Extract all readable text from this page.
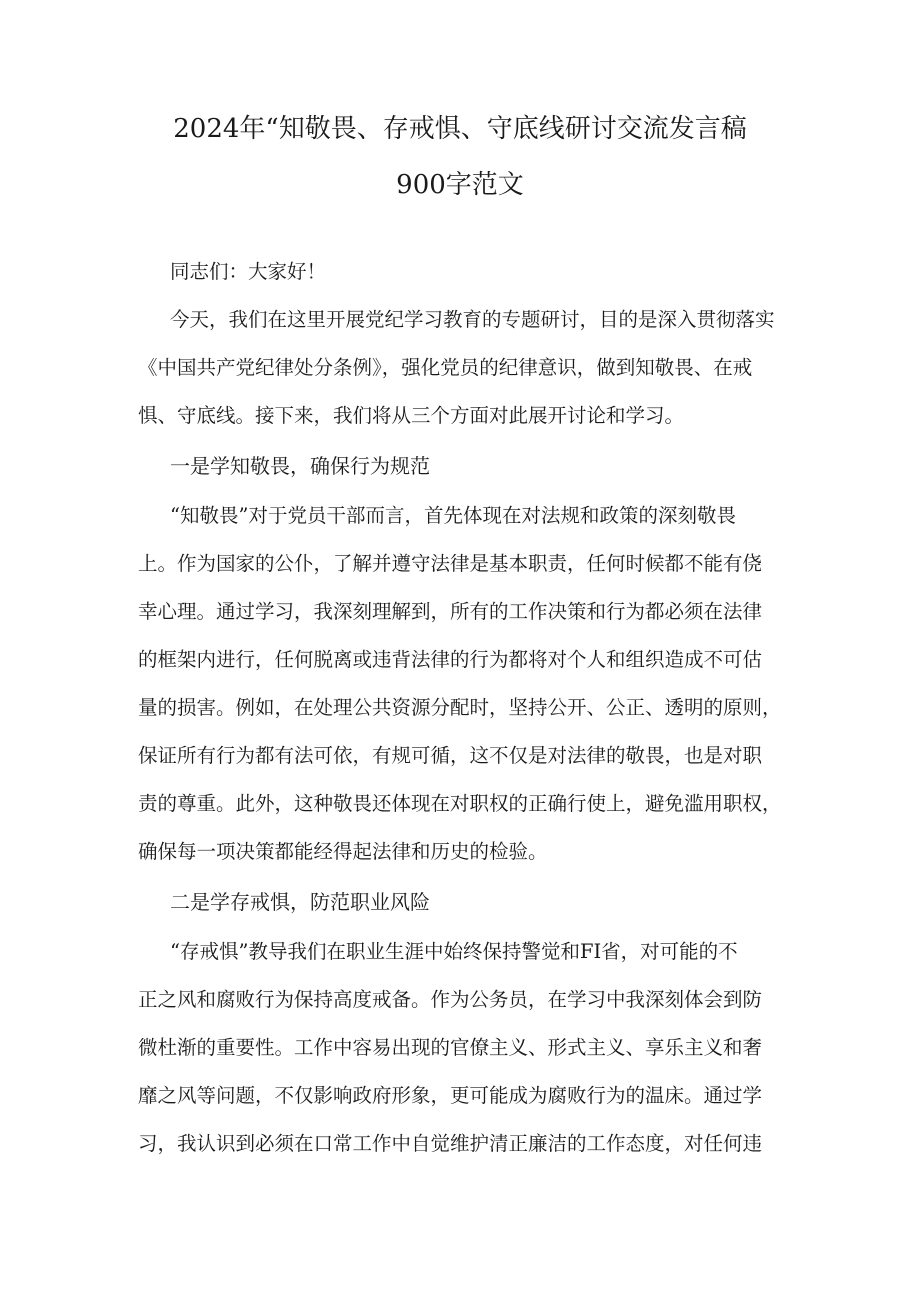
2024年“知敬畏、存戒惧、守底线研讨交流发言稿
900字范文

同志们：大家好！

今天，我们在这里开展党纪学习教育的专题研讨，目的是深入贯彻落实

《中国共产党纪律处分条例》，强化党员的纪律意识，做到知敬畏、在戒

惧、守底线。接下来，我们将从三个方面对此展开讨论和学习。

一是学知敬畏，确保行为规范

“知敬畏”对于党员干部而言，首先体现在对法规和政策的深刻敬畏

上。作为国家的公仆，了解并遵守法律是基本职责，任何时候都不能有侥

幸心理。通过学习，我深刻理解到，所有的工作决策和行为都必须在法律

的框架内进行，任何脱离或违背法律的行为都将对个人和组织造成不可估

量的损害。例如，在处理公共资源分配时，坚持公开、公正、透明的原则，

保证所有行为都有法可依，有规可循，这不仅是对法律的敬畏，也是对职

责的尊重。此外，这种敬畏还体现在对职权的正确行使上，避免滥用职权，

确保每一项决策都能经得起法律和历史的检验。

二是学存戒惧，防范职业风险

“存戒惧”教导我们在职业生涯中始终保持警觉和FI省，对可能的不

正之风和腐败行为保持高度戒备。作为公务员，在学习中我深刻体会到防

微杜渐的重要性。工作中容易出现的官僚主义、形式主义、享乐主义和奢

靡之风等问题，不仅影响政府形象，更可能成为腐败行为的温床。通过学

习，我认识到必须在口常工作中自觉维护清正廉洁的工作态度，对任何违
